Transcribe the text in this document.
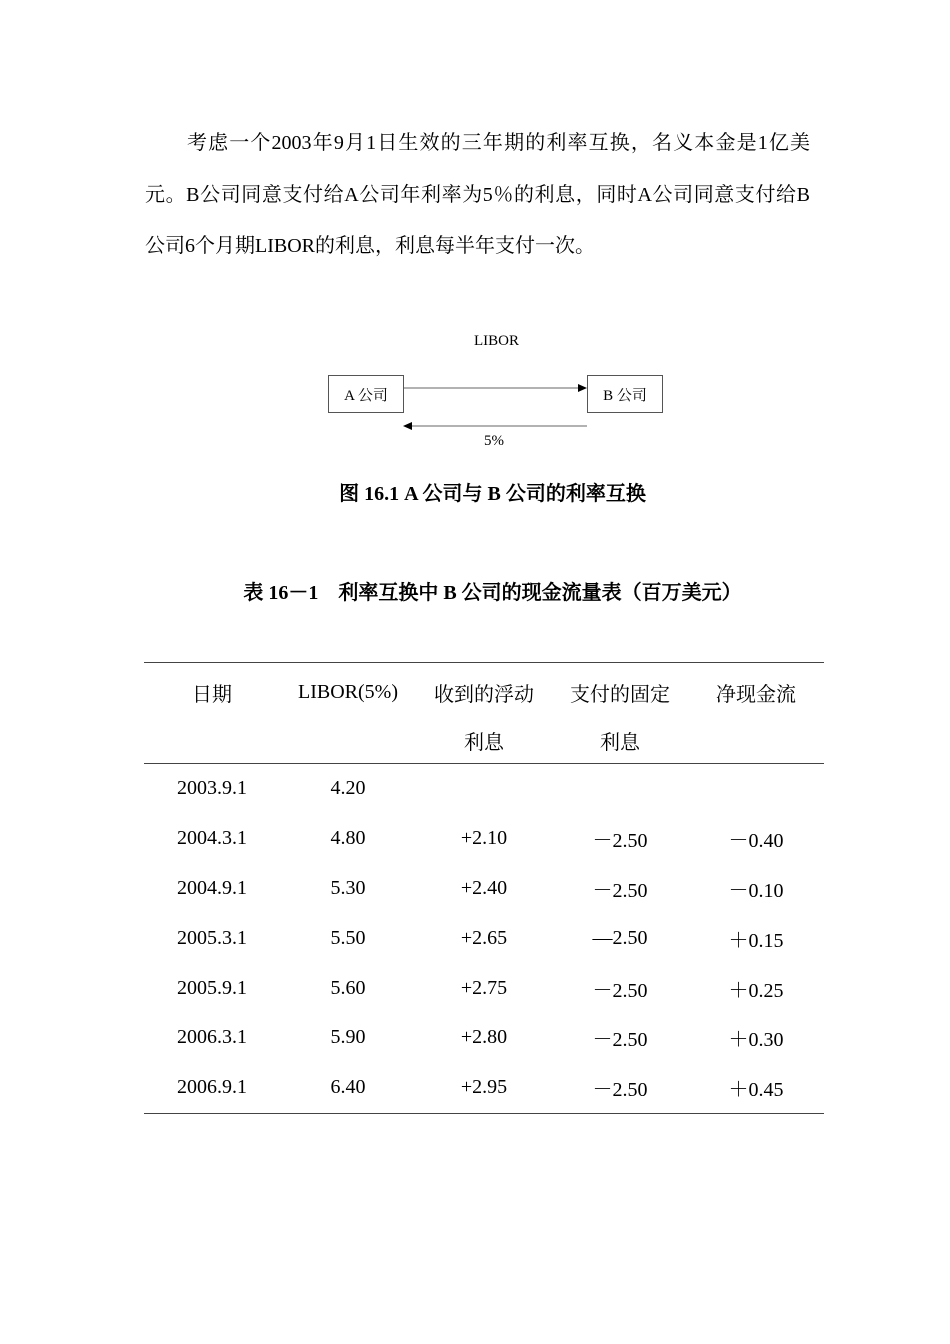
考虑一个2003年9月1日生效的三年期的利率互换，名义本金是1亿美元。B公司同意支付给A公司年利率为5％的利息，同时A公司同意支付给B公司6个月期LIBOR的利息，利息每半年支付一次。

LIBOR
A 公司	B 公司
5%
图 16.1 A 公司与 B 公司的利率互换
表 16－1　利率互换中 B 公司的现金流量表（百万美元）
日期	LIBOR(5%)	收到的浮动	支付的固定	净现金流
		利息	利息	
2003.9.1	4.20			
2004.3.1	4.80	+2.10	－2.50	－0.40
2004.9.1	5.30	+2.40	－2.50	－0.10
2005.3.1	5.50	+2.65	—2.50	＋0.15
2005.9.1	5.60	+2.75	－2.50	＋0.25
2006.3.1	5.90	+2.80	－2.50	＋0.30
2006.9.1	6.40	+2.95	－2.50	＋0.45
